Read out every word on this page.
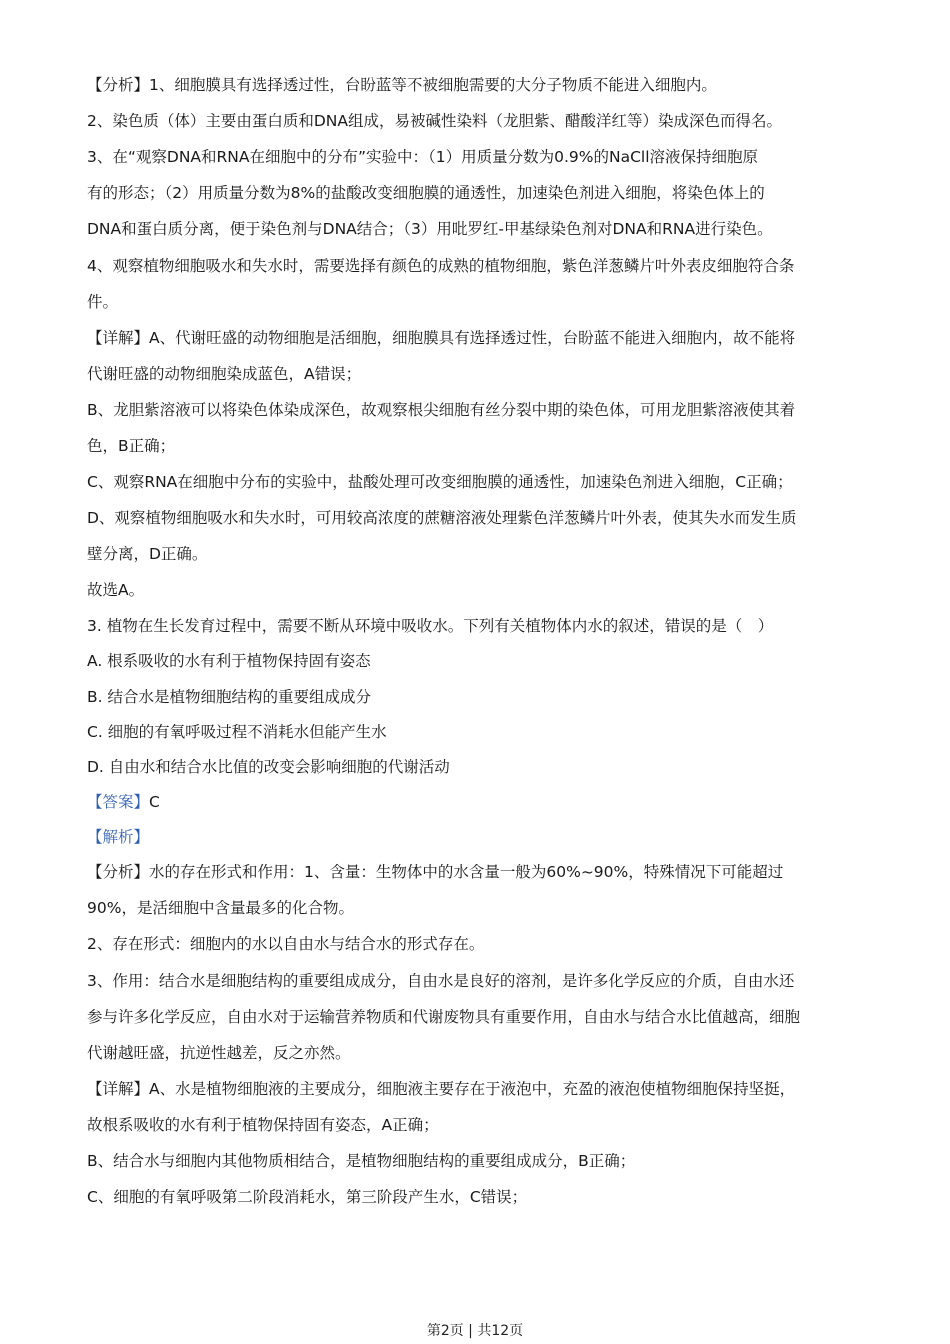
【分析】1、细胞膜具有选择透过性，台盼蓝等不被细胞需要的大分子物质不能进入细胞内。
2、染色质（体）主要由蛋白质和DNA组成，易被碱性染料（龙胆紫、醋酸洋红等）染成深色而得名。
3、在“观察DNA和RNA在细胞中的分布”实验中：（1）用质量分数为0.9%的NaCll溶液保持细胞原
有的形态；（2）用质量分数为8%的盐酸改变细胞膜的通透性，加速染色剂进入细胞，将染色体上的
DNA和蛋白质分离，便于染色剂与DNA结合；（3）用吡罗红-甲基绿染色剂对DNA和RNA进行染色。
4、观察植物细胞吸水和失水时，需要选择有颜色的成熟的植物细胞，紫色洋葱鳞片叶外表皮细胞符合条
件。
【详解】A、代谢旺盛的动物细胞是活细胞，细胞膜具有选择透过性，台盼蓝不能进入细胞内，故不能将
代谢旺盛的动物细胞染成蓝色，A错误；
B、龙胆紫溶液可以将染色体染成深色，故观察根尖细胞有丝分裂中期的染色体，可用龙胆紫溶液使其着
色，B正确；
C、观察RNA在细胞中分布的实验中，盐酸处理可改变细胞膜的通透性，加速染色剂进入细胞，C正确；
D、观察植物细胞吸水和失水时，可用较高浓度的蔗糖溶液处理紫色洋葱鳞片叶外表，使其失水而发生质
壁分离，D正确。
故选A。
3. 植物在生长发育过程中，需要不断从环境中吸收水。下列有关植物体内水的叙述，错误的是（　）
A. 根系吸收的水有利于植物保持固有姿态
B. 结合水是植物细胞结构的重要组成成分
C. 细胞的有氧呼吸过程不消耗水但能产生水
D. 自由水和结合水比值的改变会影响细胞的代谢活动
【答案】C
【解析】
【分析】水的存在形式和作用：1、含量：生物体中的水含量一般为60%~90%，特殊情况下可能超过
90%，是活细胞中含量最多的化合物。
2、存在形式：细胞内的水以自由水与结合水的形式存在。
3、作用：结合水是细胞结构的重要组成成分，自由水是良好的溶剂，是许多化学反应的介质，自由水还
参与许多化学反应，自由水对于运输营养物质和代谢废物具有重要作用，自由水与结合水比值越高，细胞
代谢越旺盛，抗逆性越差，反之亦然。
【详解】A、水是植物细胞液的主要成分，细胞液主要存在于液泡中，充盈的液泡使植物细胞保持坚挺，
故根系吸收的水有利于植物保持固有姿态，A正确；
B、结合水与细胞内其他物质相结合，是植物细胞结构的重要组成成分，B正确；
C、细胞的有氧呼吸第二阶段消耗水，第三阶段产生水，C错误；
第2页 | 共12页
